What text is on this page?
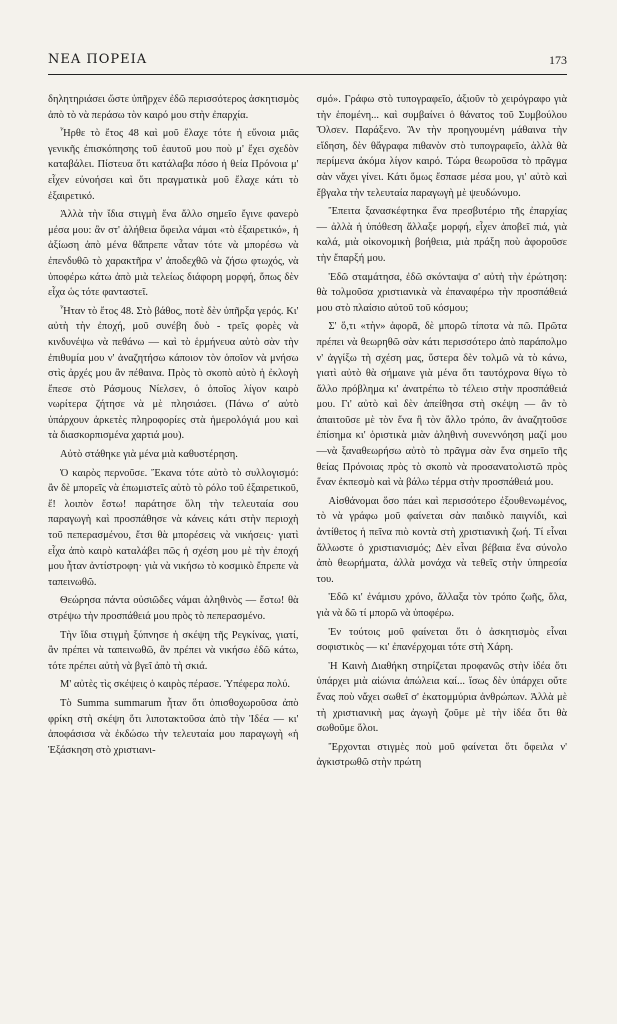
ΝΕΑ ΠΟΡΕΙΑ	173

δηλητηριάσει ὥστε ὑπῆρχεν ἐδῶ περισσότερος ἀσκητισμὸς ἀπὸ τὸ νὰ περάσω τὸν καιρό μου στὴν ἐπαρχία.

Ἦρθε τὸ ἔτος 48 καὶ μοῦ ἔλαχε τότε ἡ εὔνοια μιᾶς γενικῆς ἐπισκόπησης τοῦ ἑαυτοῦ μου ποὺ μ' ἔχει σχεδὸν καταβάλει. Πίστευα ὅτι κατάλαβα πόσο ἡ θεία Πρόνοια μ' εἶχεν εὐνοήσει καὶ ὅτι πραγματικὰ μοῦ ἔλαχε κάτι τὸ ἐξαιρετικό.

Ἀλλὰ τὴν ἴδια στιγμὴ ἕνα ἄλλο σημεῖο ἔγινε φανερὸ μέσα μου: ἂν στ' ἀλήθεια ὄφειλα νάμαι «τὸ ἐξαιρετικό», ἡ ἀξίωση ἀπὸ μένα θἄπρεπε νἆταν τότε νὰ μπορέσω νὰ ἐπενδυθῶ τὸ χαρακτῆρα ν' ἀποδεχθῶ νὰ ζήσω φτωχός, νὰ ὑποφέρω κάτω ἀπὸ μιὰ τελείως διάφορη μορφή, ὅπως δὲν εἶχα ὡς τότε φανταστεῖ.

Ἦταν τὸ ἔτος 48. Στὸ βάθος, ποτὲ δὲν ὑπῆρξα γερός. Κι' αὐτὴ τὴν ἐποχή, μοῦ συνέβη δυὸ - τρεῖς φορὲς νὰ κινδυνέψω νὰ πεθάνω — καὶ τὸ ἑρμήνευα αὐτὸ σὰν τὴν ἐπιθυμία μου ν' ἀναζητήσω κάποιον τὸν ὁποῖον νὰ μνήσω στὶς ἀρχές μου ἂν πέθαινα. Πρὸς τὸ σκοπὸ αὐτὸ ἡ ἐκλογὴ ἔπεσε στὸ Ράσμους Νίελσεν, ὁ ὁποῖος λίγον καιρὸ νωρίτερα ζήτησε νὰ μὲ πλησιάσει. (Πάνω σ' αὐτὸ ὑπάρχουν ἀρκετὲς πληροφορίες στὰ ἡμερολόγιά μου καὶ τὰ διασκορπισμένα χαρτιά μου).

Αὐτὸ στάθηκε γιὰ μένα μιὰ καθυστέρηση.

Ὁ καιρὸς περνοῦσε. Ἔκανα τότε αὐτὸ τὸ συλλογισμό: ἂν δὲ μπορεῖς νὰ ἐπωμιστεῖς αὐτὸ τὸ ρόλο τοῦ ἐξαιρετικοῦ, ἔ! λοιπὸν ἔστω! παράτησε ὅλη τὴν τελευταία σου παραγωγὴ καὶ προσπάθησε νὰ κάνεις κάτι στὴν περιοχὴ τοῦ πεπερασμένου, ἔτσι θὰ μπορέσεις νὰ νικήσεις· γιατὶ εἶχα ἀπὸ καιρὸ καταλάβει πῶς ἡ σχέση μου μὲ τὴν ἐποχή μου ἦταν ἀντίστροφη· γιὰ νὰ νικήσω τὸ κοσμικὸ ἔπρεπε νὰ ταπεινωθῶ.

Θεώρησα πάντα οὐσιῶδες νάμαι ἀληθινὸς — ἔστω! θὰ στρέψω τὴν προσπάθειά μου πρὸς τὸ πεπερασμένο.

Τὴν ἴδια στιγμὴ ξύπνησε ἡ σκέψη τῆς Ρεγκίνας, γιατί, ἂν πρέπει νὰ ταπεινωθῶ, ἂν πρέπει νὰ νικήσω ἐδῶ κάτω, τότε πρέπει αὐτὴ νὰ βγεῖ ἀπὸ τὴ σκιά.

Μ' αὐτὲς τὶς σκέψεις ὁ καιρὸς πέρασε. Ὑπέφερα πολύ.

Τὸ Summa summarum ἦταν ὅτι ὀπισθοχωροῦσα ἀπὸ φρίκη στὴ σκέψη ὅτι λιποτακτοῦσα ἀπὸ τὴν Ἰδέα — κι' ἀποφάσισα νὰ ἐκδώσω τὴν τελευταία μου παραγωγὴ «ἡ Ἐξάσκηση στὸ χριστιανι-

σμό». Γράφω στὸ τυπογραφεῖο, ἀξιοῦν τὸ χειρόγραφο γιὰ τὴν ἑπομένη... καὶ συμβαίνει ὁ θάνατος τοῦ Συμβούλου Ὄλσεν. Παράξενο. Ἂν τὴν προηγουμένη μάθαινα τὴν εἴδηση, δὲν θἄγραφα πιθανὸν στὸ τυπογραφεῖο, ἀλλὰ θὰ περίμενα ἀκόμα λίγον καιρό. Τώρα θεωροῦσα τὸ πρᾶγμα σὰν νἄχει γίνει. Κάτι ὅμως ἔσπασε μέσα μου, γι' αὐτὸ καὶ ἔβγαλα τὴν τελευταία παραγωγὴ μὲ ψευδώνυμο.

Ἔπειτα ξανασκέφτηκα ἕνα πρεσβυτέριο τῆς ἐπαρχίας — ἀλλὰ ἡ ὑπόθεση ἄλλαξε μορφή, εἶχεν ἀποβεῖ πιά, γιὰ καλά, μιὰ οἰκονομικὴ βοήθεια, μιὰ πράξη ποὺ ἀφοροῦσε τὴν ἔπαρξή μου.

Ἐδῶ σταμάτησα, ἐδῶ σκόνταψα σ' αὐτὴ τὴν ἐρώτηση: θὰ τολμοῦσα χριστιανικὰ νὰ ἐπαναφέρω τὴν προσπάθειά μου στὸ πλαίσιο αὐτοῦ τοῦ κόσμου;

Σ' ὅ,τι «τὴν» ἀφορᾶ, δὲ μπορῶ τίποτα νὰ πῶ. Πρῶτα πρέπει νὰ θεωρηθῶ σὰν κάτι περισσότερο ἀπὸ παράπολμο ν' ἀγγίξω τὴ σχέση μας, ὕστερα δὲν τολμῶ νὰ τὸ κάνω, γιατὶ αὐτὸ θὰ σήμαινε γιὰ μένα ὅτι ταυτόχρονα θίγω τὸ ἄλλο πρόβλημα κι' ἀνατρέπω τὸ τέλειο στὴν προσπάθειά μου. Γι' αὐτὸ καὶ δὲν ἀπείθησα στὴ σκέψη — ἂν τὸ ἀπαιτοῦσε μὲ τὸν ἕνα ἢ τὸν ἄλλο τρόπο, ἂν ἀναζητοῦσε ἐπίσημα κι' ὁριστικὰ μιὰν ἀληθινὴ συνεννόηση μαζί μου —νὰ ξαναθεωρήσω αὐτὸ τὸ πρᾶγμα σὰν ἕνα σημεῖο τῆς θείας Πρόνοιας πρὸς τὸ σκοπὸ νὰ προσανατολιστῶ πρὸς ἕναν ἐκπεσμὸ καὶ νὰ βάλω τέρμα στὴν προσπάθειά μου.

Αἰσθάνομαι ὅσο πάει καὶ περισσότερο ἐξουθενωμένος, τὸ νὰ γράφω μοῦ φαίνεται σὰν παιδικὸ παιγνίδι, καὶ ἀντίθετος ἡ πεῖνα πιὸ κοντὰ στὴ χριστιανικὴ ζωή. Τί εἶναι ἄλλωστε ὁ χριστιανισμός; Δὲν εἶναι βέβαια ἕνα σύνολο ἀπὸ θεωρήματα, ἀλλὰ μονάχα νὰ τεθεῖς στὴν ὑπηρεσία του.

Ἐδῶ κι' ἐνάμισυ χρόνο, ἄλλαξα τὸν τρόπο ζωῆς, ὅλα, γιὰ νὰ δῶ τί μπορῶ νὰ ὑποφέρω.

Ἐν τούτοις μοῦ φαίνεται ὅτι ὁ ἀσκητισμὸς εἶναι σοφιστικὸς — κι' ἐπανέρχομαι τότε στὴ Χάρη.

Ἡ Καινὴ Διαθήκη στηρίζεται προφανῶς στὴν ἰδέα ὅτι ὑπάρχει μιὰ αἰώνια ἀπώλεια καί... ἴσως δὲν ὑπάρχει οὔτε ἕνας ποὺ νἄχει σωθεῖ σ' ἑκατομμύρια ἀνθρώπων. Ἀλλὰ μὲ τὴ χριστιανικὴ μας ἀγωγὴ ζοῦμε μὲ τὴν ἰδέα ὅτι θὰ σωθοῦμε ὅλοι.

Ἔρχονται στιγμὲς ποὺ μοῦ φαίνεται ὅτι ὄφειλα ν' ἀγκιστρωθῶ στὴν πρώτη
